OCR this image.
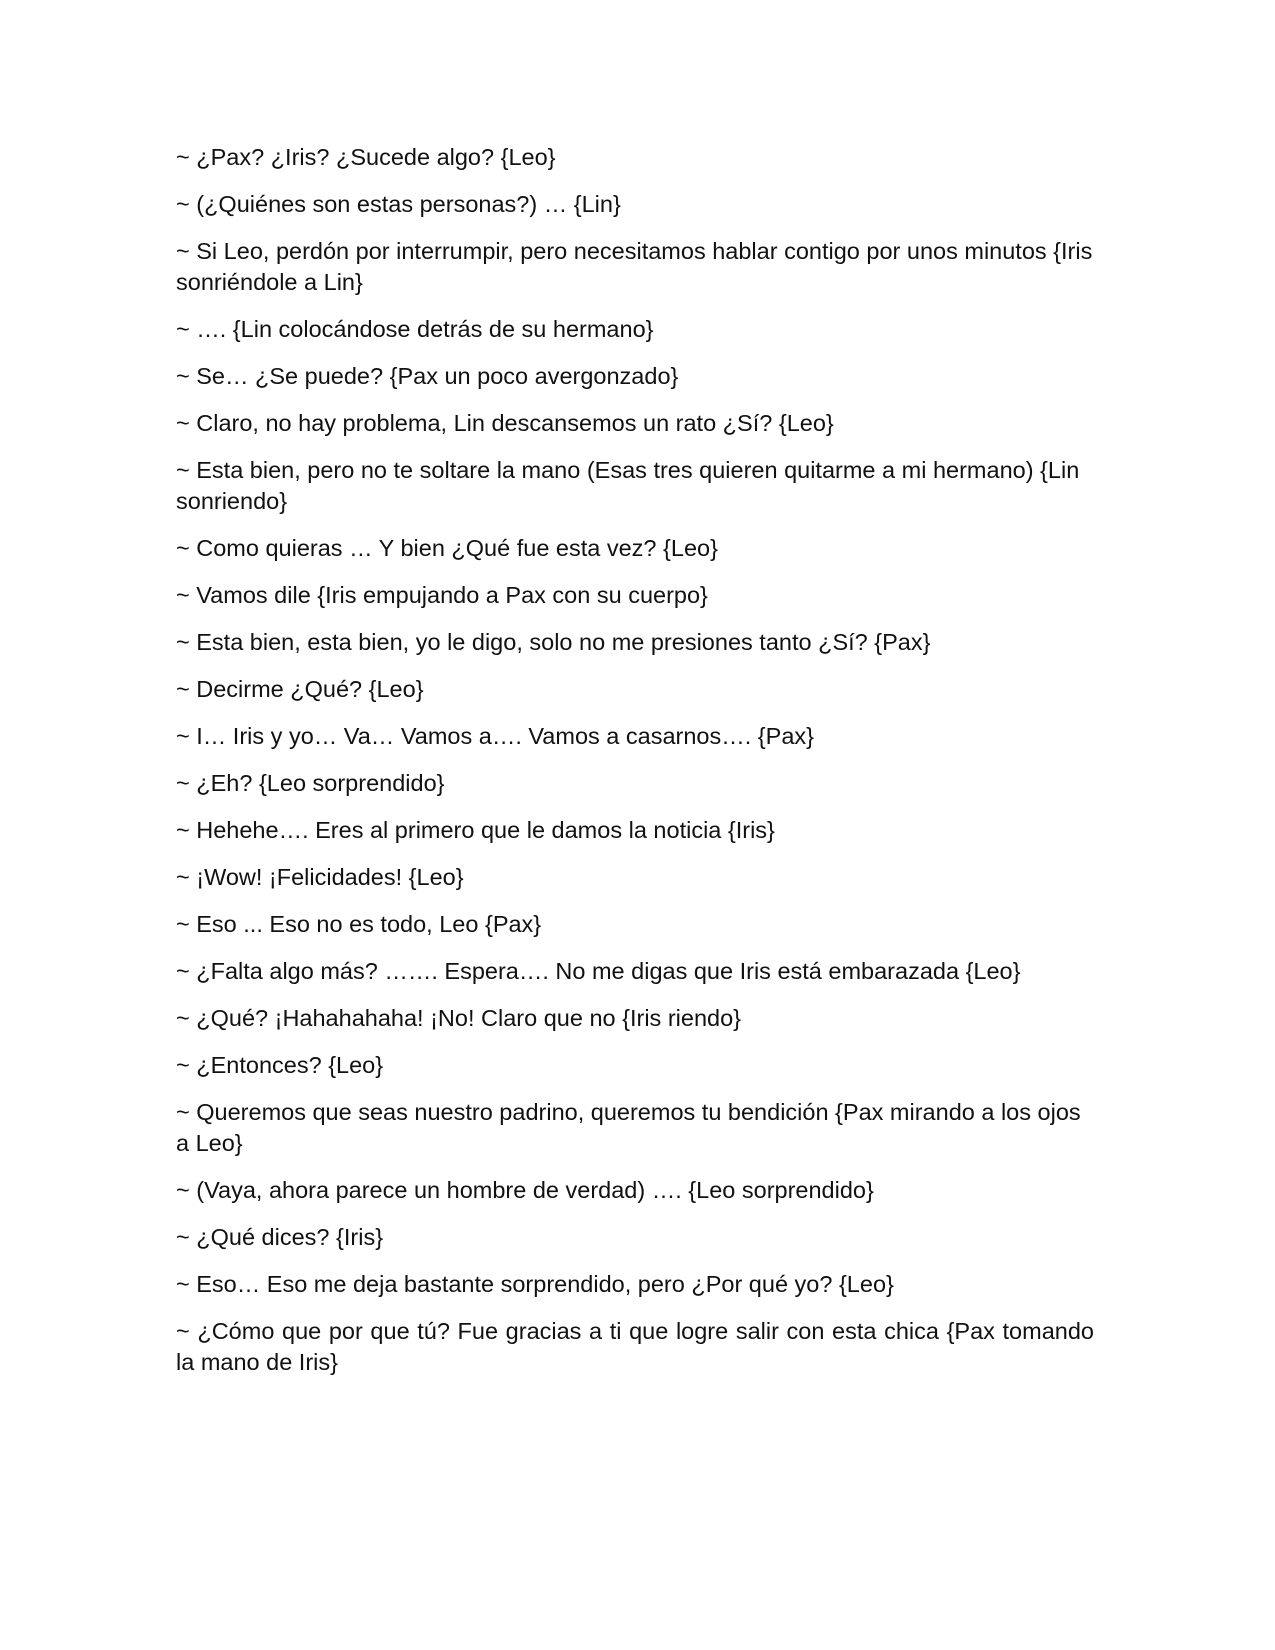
~ ¿Pax? ¿Iris? ¿Sucede algo? {Leo}

~ (¿Quiénes son estas personas?) … {Lin}

~ Si Leo, perdón por interrumpir, pero necesitamos hablar contigo por unos minutos {Iris sonriéndole a Lin}

~ …. {Lin colocándose detrás de su hermano}

~ Se… ¿Se puede? {Pax un poco avergonzado}

~ Claro, no hay problema, Lin descansemos un rato ¿Sí? {Leo}

~ Esta bien, pero no te soltare la mano (Esas tres quieren quitarme a mi hermano) {Lin sonriendo}

~ Como quieras … Y bien ¿Qué fue esta vez? {Leo}

~ Vamos dile {Iris empujando a Pax con su cuerpo}

~ Esta bien, esta bien, yo le digo, solo no me presiones tanto ¿Sí? {Pax}

~ Decirme ¿Qué? {Leo}

~ I… Iris y yo… Va… Vamos a…. Vamos a casarnos…. {Pax}

~ ¿Eh? {Leo sorprendido}

~ Hehehe…. Eres al primero que le damos la noticia {Iris}

~ ¡Wow! ¡Felicidades! {Leo}

~ Eso ... Eso no es todo, Leo {Pax}

~ ¿Falta algo más? ……. Espera…. No me digas que Iris está embarazada {Leo}

~ ¿Qué? ¡Hahahahaha! ¡No! Claro que no {Iris riendo}

~ ¿Entonces? {Leo}

~ Queremos que seas nuestro padrino, queremos tu bendición {Pax mirando a los ojos a Leo}

~ (Vaya, ahora parece un hombre de verdad) …. {Leo sorprendido}

~ ¿Qué dices? {Iris}

~ Eso… Eso me deja bastante sorprendido, pero ¿Por qué yo? {Leo}

~ ¿Cómo que por que tú? Fue gracias a ti que logre salir con esta chica {Pax tomando la mano de Iris}
